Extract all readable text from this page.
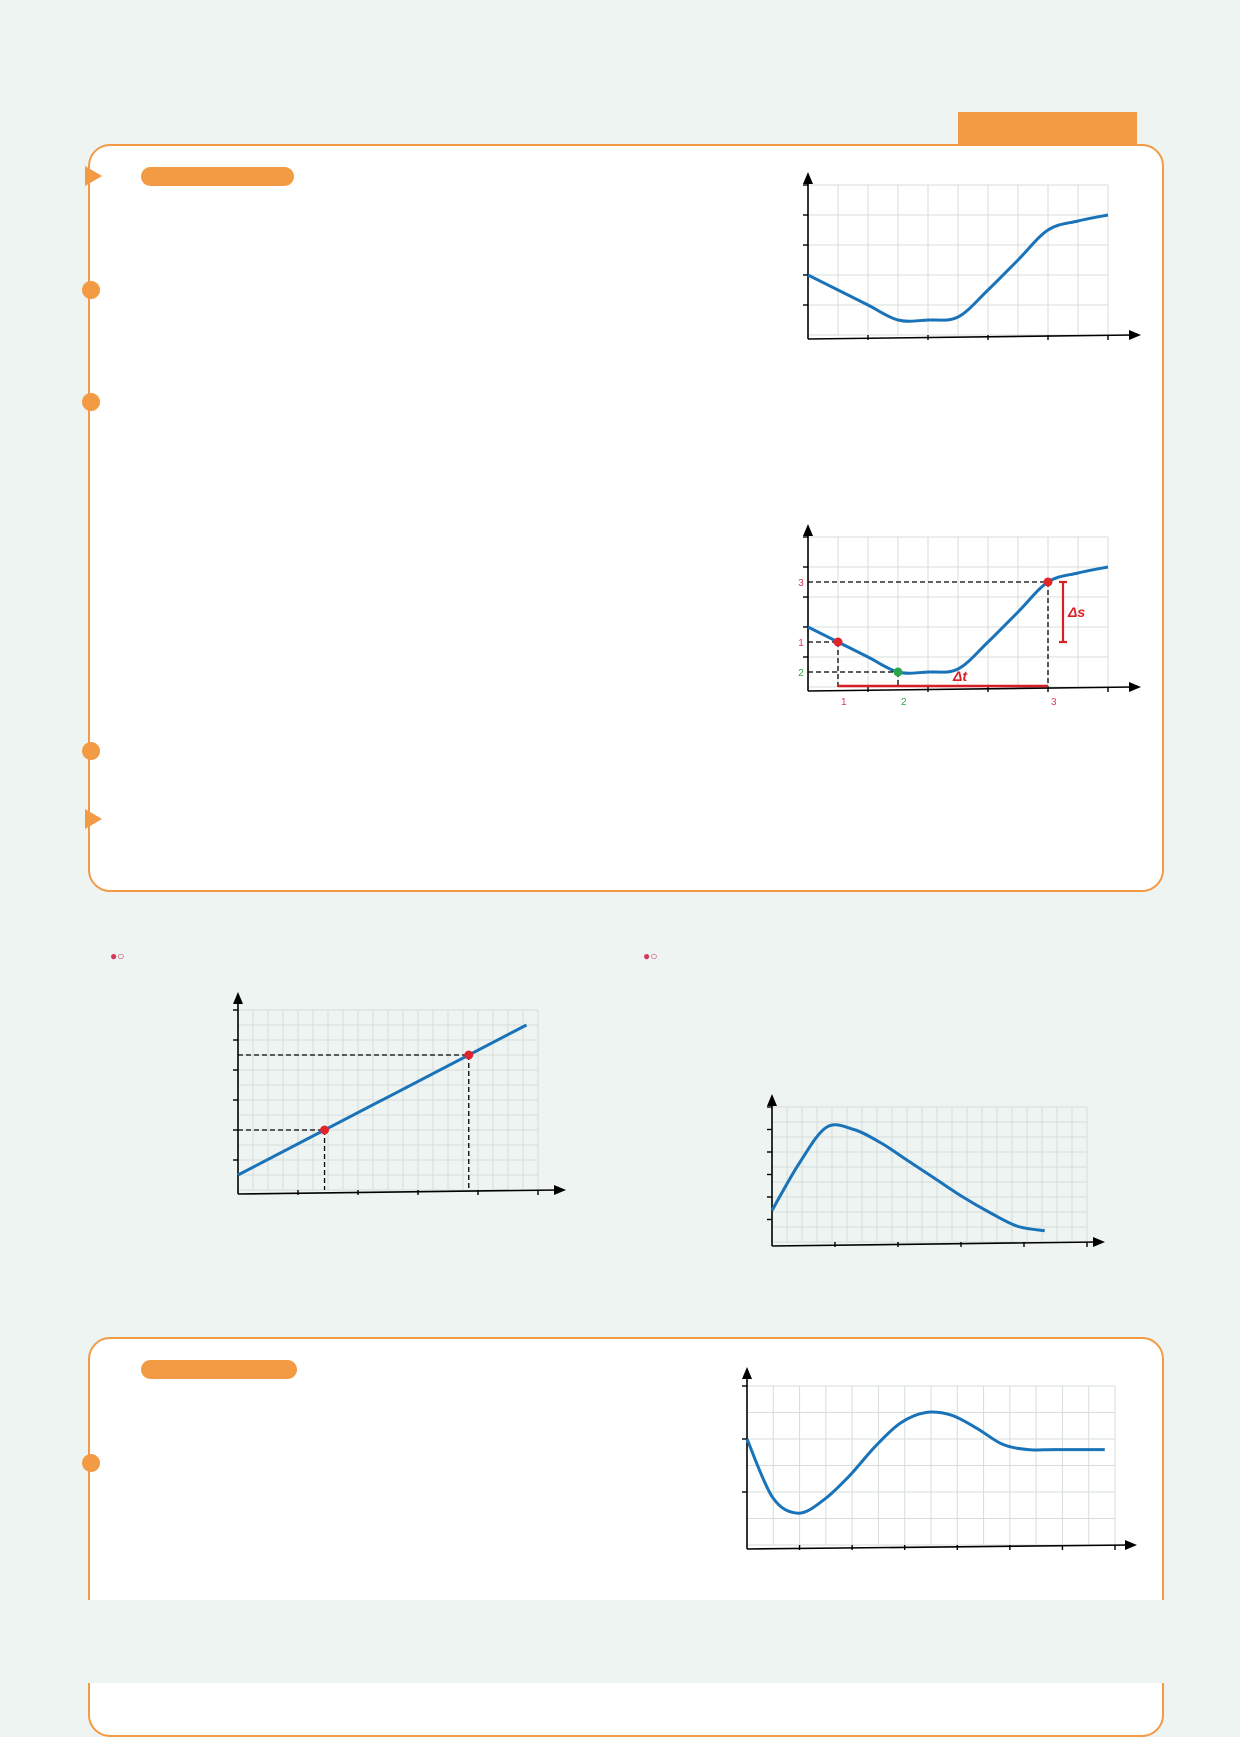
1	2	3
3
1
2
Δs
Δt
●○	●○
